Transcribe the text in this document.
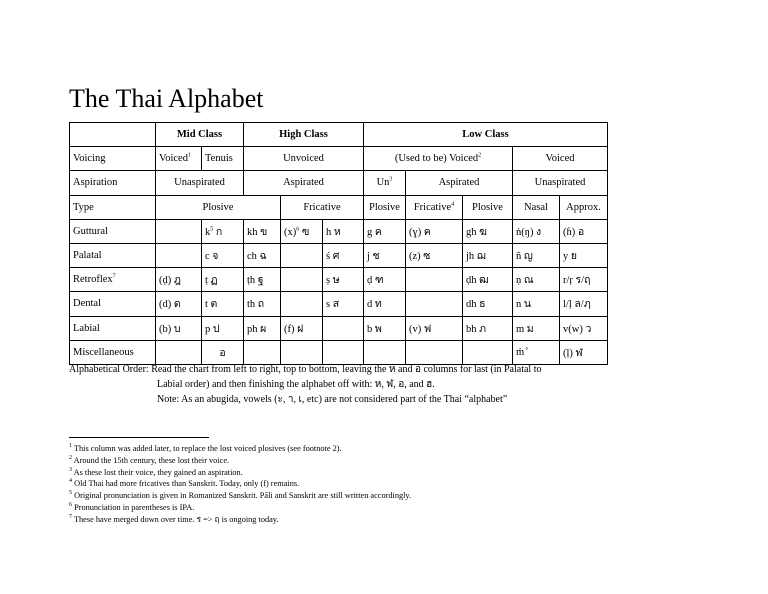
The Thai Alphabet
	Mid Class		High Class			Low Class				
Voicing	Voiced$^1$	Tenuis	Unvoiced			(Used to be) Voiced$^2$			Voiced	
Aspiration	Unaspirated		Aspirated			Un$^3$	Aspirated		Unaspirated	
Type	Plosive			Fricative		Plosive	Fricative$^4$	Plosive	Nasal	Approx.
Guttural		$k^5$ ก	kh ข	$(x)^6$ ฃ	h ห	g ค	(ɣ) ฅ	gh ฆ	ṅ(ŋ) ง	(ɦ) อ
Palatal		c จ	ch ฉ		ś ศ	j ช	(z) ซ	jh ฌ	ñ ญ	y ย
Retroflex$^7$	(ḍ) ฎ	ṭ ฏ	ṭh ฐ		ṣ ษ	ḍ ฑ		ḍh ฒ	ṇ ณ	r/ṛ ร/ฤ
Dental	(d) ด	t ต	th ถ		s ส	d ท		dh ธ	n น	l/ḷ ล/ฦ
Labial	(b) บ	p ป	ph ผ	(f) ฝ		b พ	(v) ฟ	bh ภ	m ม	v(w) ว
Miscellaneous		อ							ṁ ̊	(ḷ) ฬ
Alphabetical Order: Read the chart from left to right, top to bottom, leaving the ห and อ columns for last (in Palatal to
Labial order) and then finishing the alphabet off with: ห, ฬ, อ, and ฮ.
Note: As an abugida, vowels (ะ, า, เ, etc) are not considered part of the Thai “alphabet”
$^1$ This column was added later, to replace the lost voiced plosives (see footnote 2).
$^2$ Around the 15th century, these lost their voice.
$^3$ As these lost their voice, they gained an aspiration.
$^4$ Old Thai had more fricatives than Sanskrit. Today, only (f) remains.
$^5$ Original pronunciation is given in Romanized Sanskrit. Pāli and Sanskrit are still written accordingly.
$^6$ Pronunciation in parentheses is IPA.
$^7$ These have merged down over time. ร => ฤ is ongoing today.
